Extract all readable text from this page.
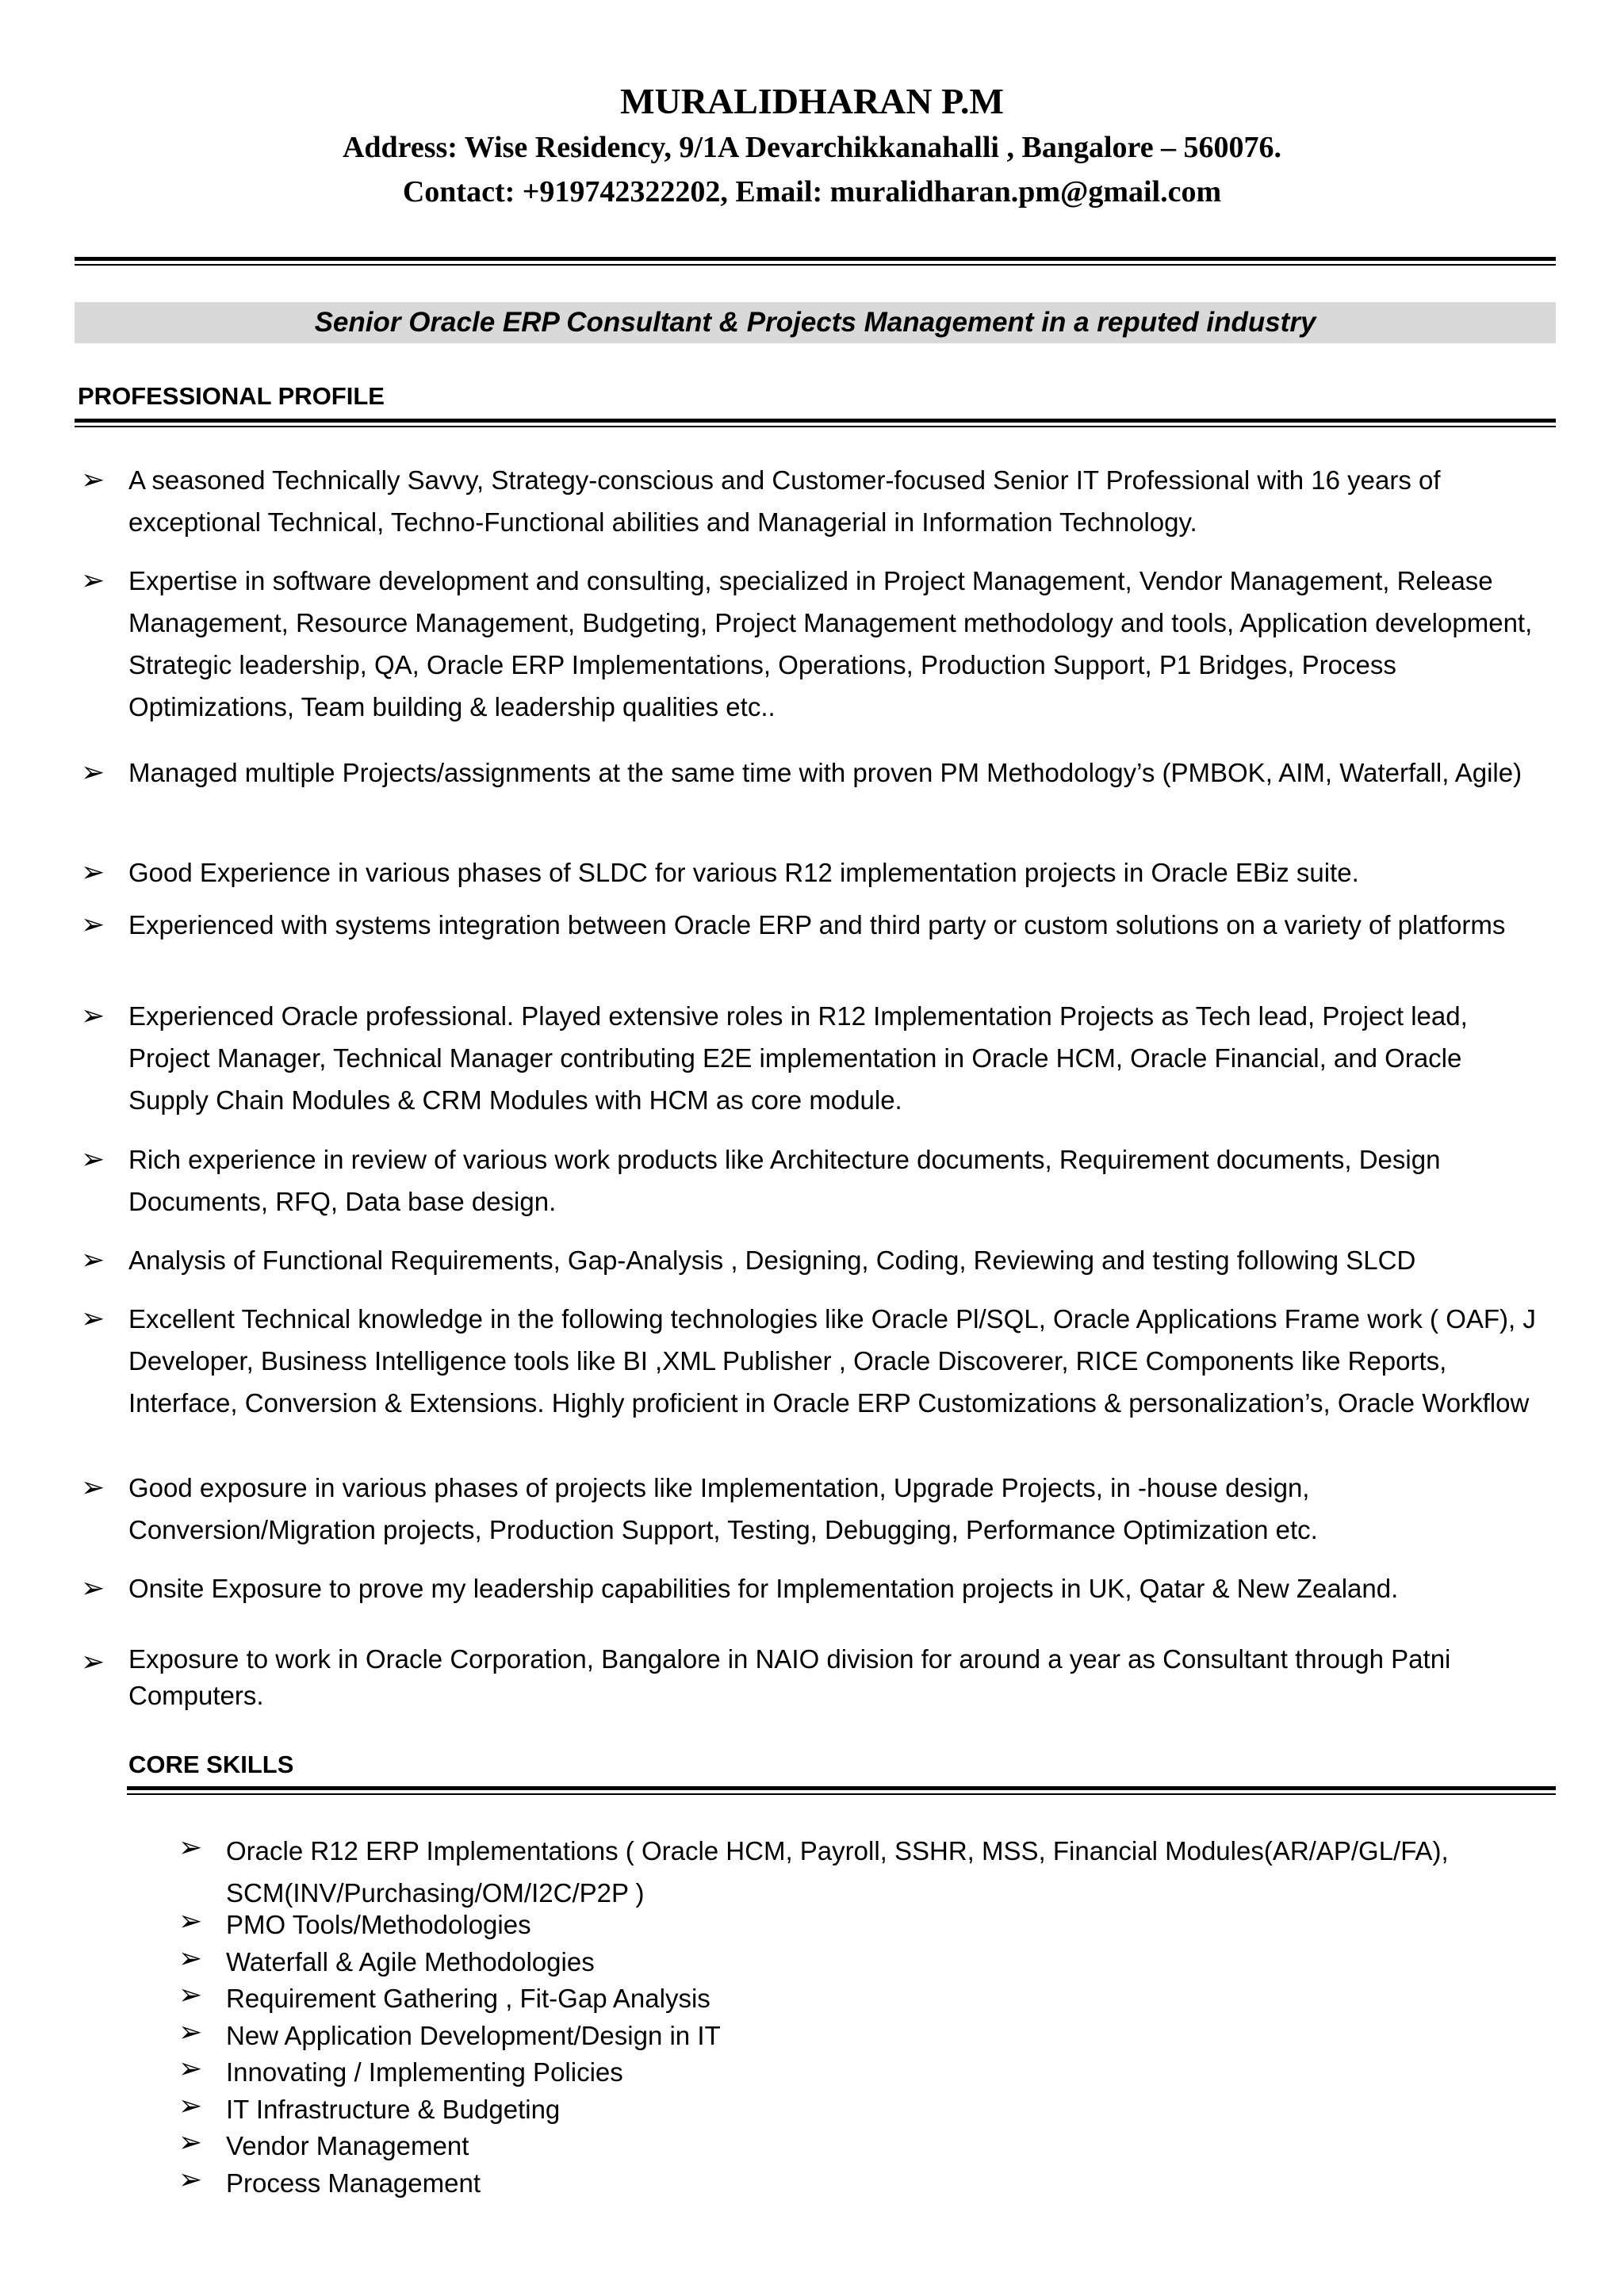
MURALIDHARAN P.M
Address: Wise Residency, 9/1A Devarchikkanahalli , Bangalore – 560076.
Contact: +919742322202, Email: muralidharan.pm@gmail.com
Senior Oracle ERP Consultant & Projects Management in a reputed industry
PROFESSIONAL PROFILE
➢ A seasoned Technically Savvy, Strategy-conscious and Customer-focused Senior IT Professional with 16 years of exceptional Technical, Techno-Functional abilities and Managerial in Information Technology.
➢ Expertise in software development and consulting, specialized in Project Management, Vendor Management, Release Management, Resource Management, Budgeting, Project Management methodology and tools, Application development, Strategic leadership, QA, Oracle ERP Implementations, Operations, Production Support, P1 Bridges, Process Optimizations, Team building & leadership qualities etc..
➢ Managed multiple Projects/assignments at the same time with proven PM Methodology’s (PMBOK, AIM, Waterfall, Agile)
➢ Good Experience in various phases of SLDC for various R12 implementation projects in Oracle EBiz suite.
➢ Experienced with systems integration between Oracle ERP and third party or custom solutions on a variety of platforms
➢ Experienced Oracle professional. Played extensive roles in R12 Implementation Projects as Tech lead, Project lead, Project Manager, Technical Manager contributing E2E implementation in Oracle HCM, Oracle Financial, and Oracle Supply Chain Modules & CRM Modules with HCM as core module.
➢ Rich experience in review of various work products like Architecture documents, Requirement documents, Design Documents, RFQ, Data base design.
➢ Analysis of Functional Requirements, Gap-Analysis , Designing, Coding, Reviewing and testing following SLCD
➢ Excellent Technical knowledge in the following technologies like Oracle Pl/SQL, Oracle Applications Frame work ( OAF), J Developer, Business Intelligence tools like BI ,XML Publisher , Oracle Discoverer, RICE Components like Reports, Interface, Conversion & Extensions. Highly proficient in Oracle ERP Customizations & personalization’s, Oracle Workflow
➢ Good exposure in various phases of projects like Implementation, Upgrade Projects, in -house design, Conversion/Migration projects, Production Support, Testing, Debugging, Performance Optimization etc.
➢ Onsite Exposure to prove my leadership capabilities for Implementation projects in UK, Qatar & New Zealand.
➢ Exposure to work in Oracle Corporation, Bangalore in NAIO division for around a year as Consultant through Patni Computers.
CORE SKILLS
➢ Oracle R12 ERP Implementations ( Oracle HCM, Payroll, SSHR, MSS, Financial Modules(AR/AP/GL/FA), SCM(INV/Purchasing/OM/I2C/P2P )
➢ PMO Tools/Methodologies
➢ Waterfall & Agile Methodologies
➢ Requirement Gathering , Fit-Gap Analysis
➢ New Application Development/Design in IT
➢ Innovating / Implementing Policies
➢ IT Infrastructure & Budgeting
➢ Vendor Management
➢ Process Management
